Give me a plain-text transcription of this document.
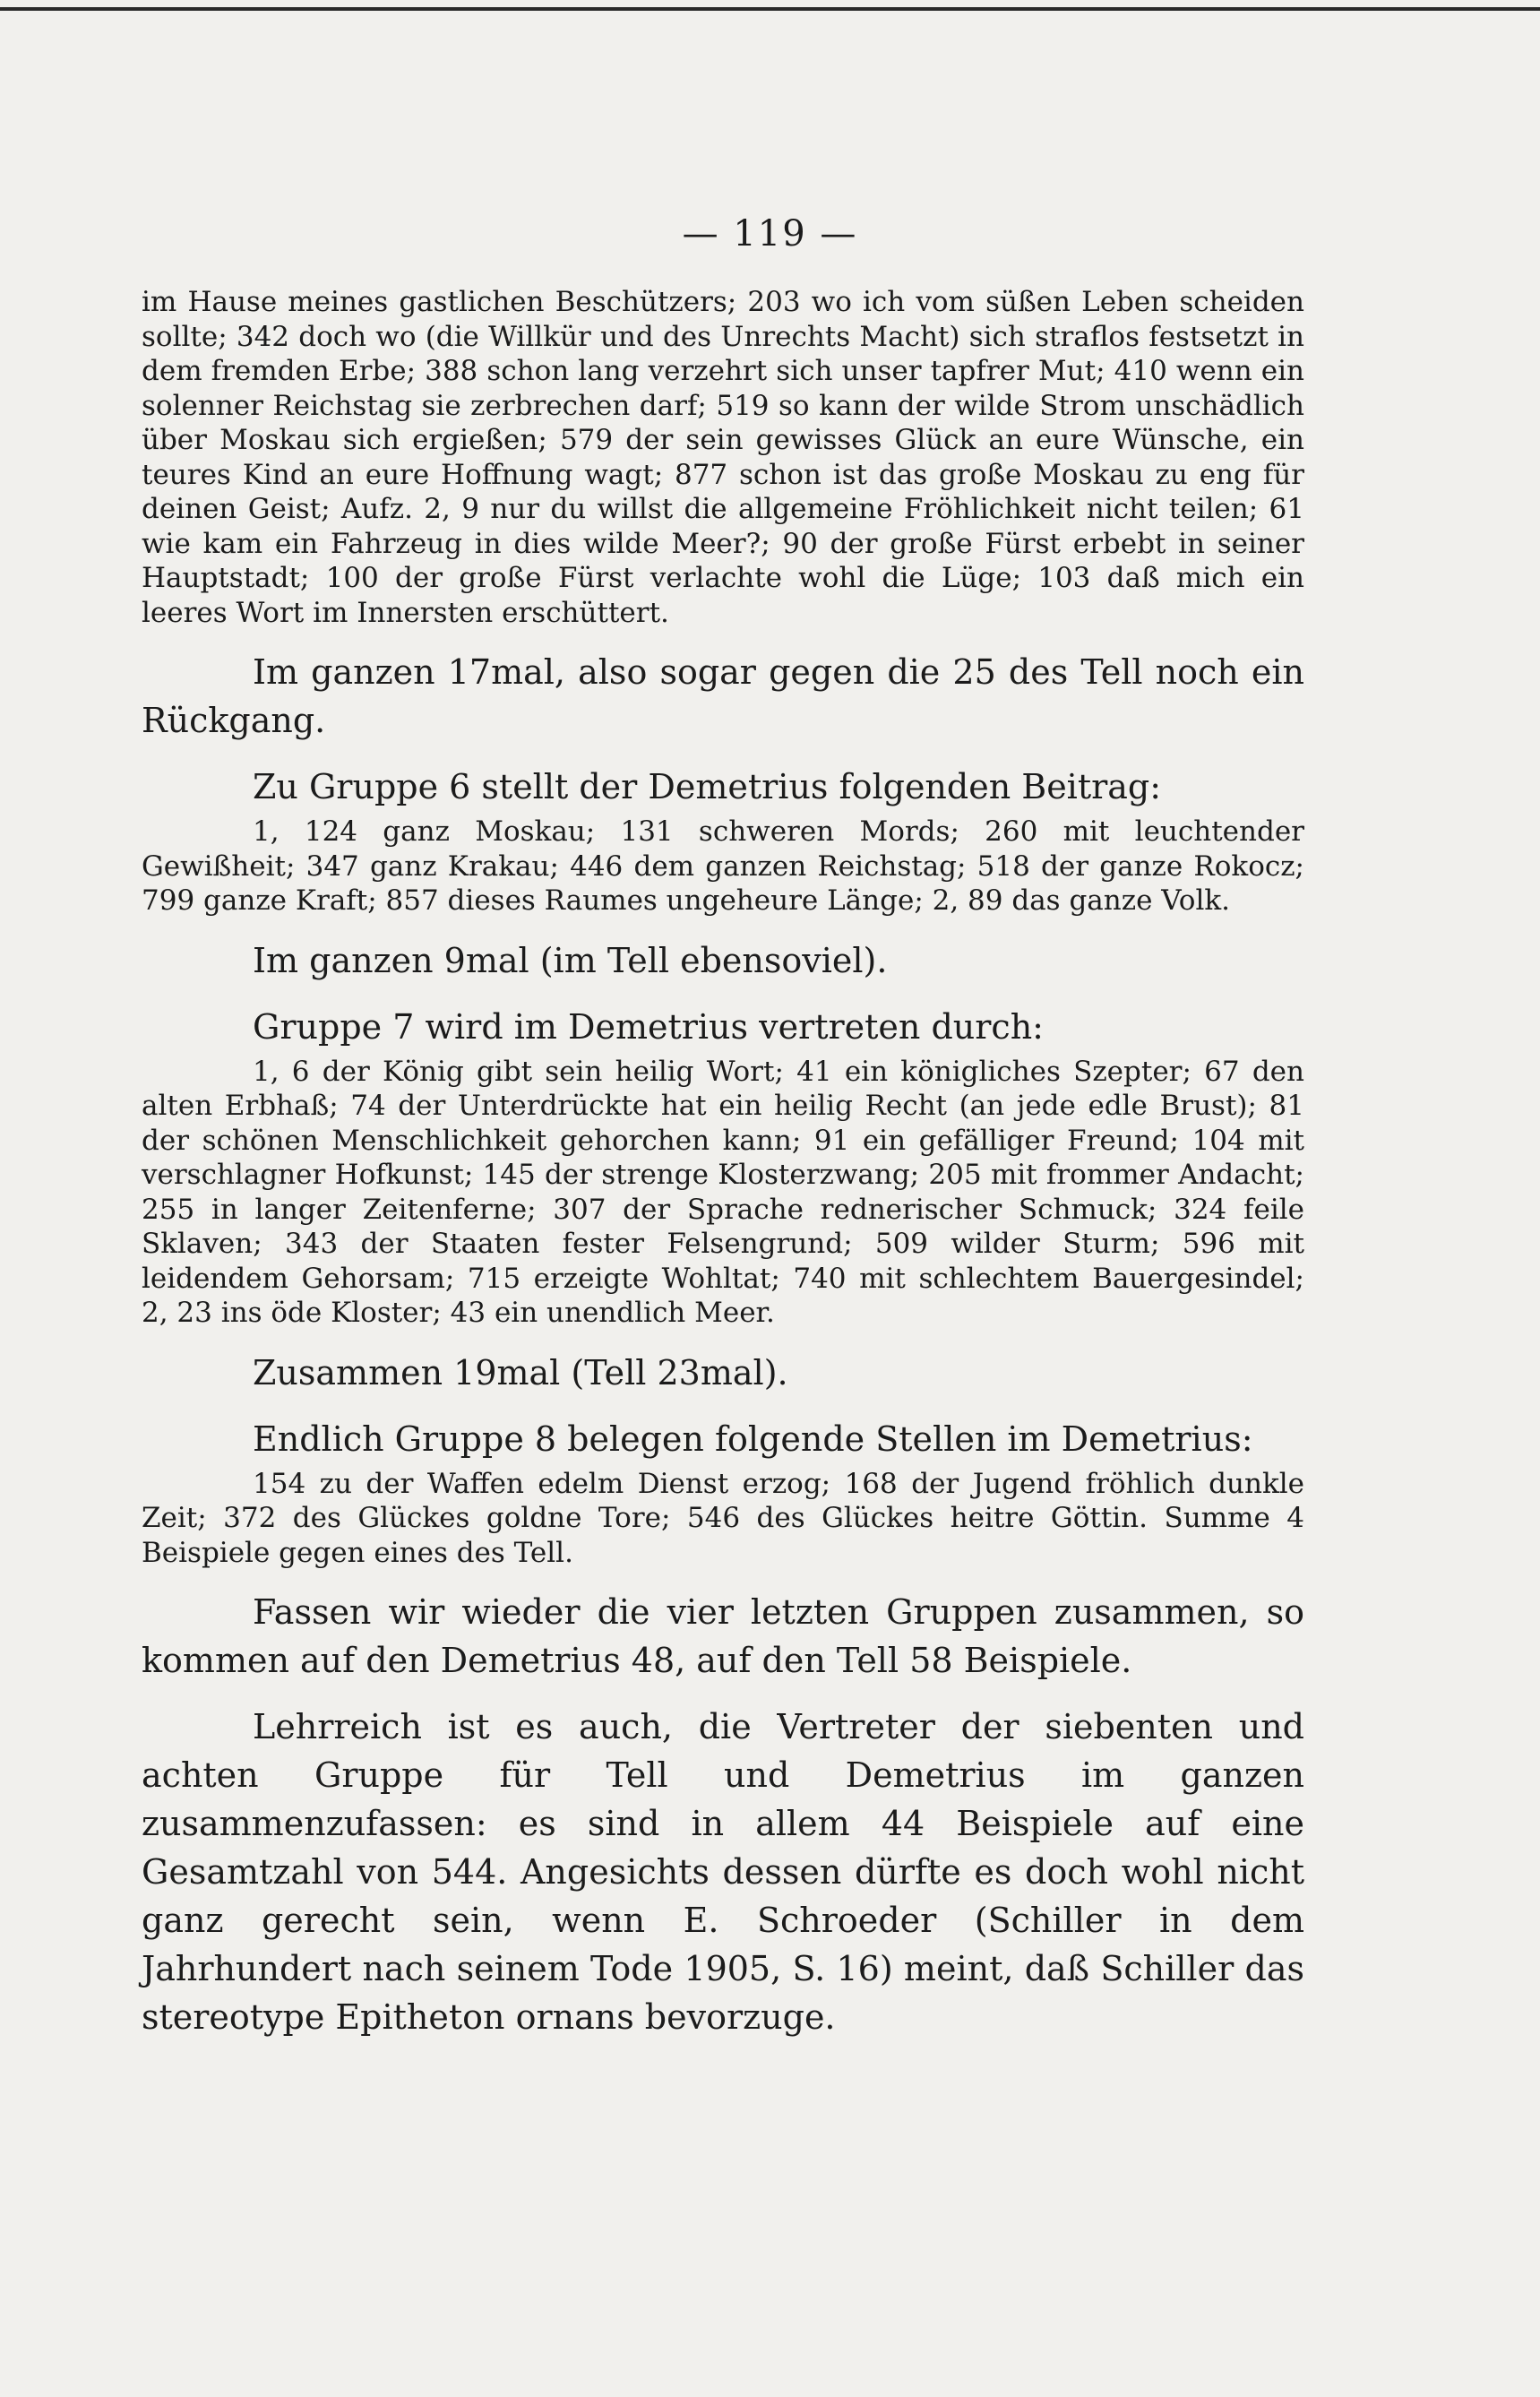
— 119 —

im Hause meines gastlichen Beschützers; 203 wo ich vom süßen Leben scheiden sollte; 342 doch wo (die Willkür und des Unrechts Macht) sich straflos festsetzt in dem fremden Erbe; 388 schon lang verzehrt sich unser tapfrer Mut; 410 wenn ein solenner Reichstag sie zerbrechen darf; 519 so kann der wilde Strom unschädlich über Moskau sich ergießen; 579 der sein gewisses Glück an eure Wünsche, ein teures Kind an eure Hoffnung wagt; 877 schon ist das große Moskau zu eng für deinen Geist; Aufz. 2, 9 nur du willst die allgemeine Fröhlichkeit nicht teilen; 61 wie kam ein Fahrzeug in dies wilde Meer?; 90 der große Fürst erbebt in seiner Hauptstadt; 100 der große Fürst verlachte wohl die Lüge; 103 daß mich ein leeres Wort im Innersten erschüttert.

Im ganzen 17mal, also sogar gegen die 25 des Tell noch ein Rückgang.

Zu Gruppe 6 stellt der Demetrius folgenden Beitrag:

1, 124 ganz Moskau; 131 schweren Mords; 260 mit leuchtender Gewißheit; 347 ganz Krakau; 446 dem ganzen Reichstag; 518 der ganze Rokocz; 799 ganze Kraft; 857 dieses Raumes ungeheure Länge; 2, 89 das ganze Volk.

Im ganzen 9mal (im Tell ebensoviel).

Gruppe 7 wird im Demetrius vertreten durch:

1, 6 der König gibt sein heilig Wort; 41 ein königliches Szepter; 67 den alten Erbhaß; 74 der Unterdrückte hat ein heilig Recht (an jede edle Brust); 81 der schönen Menschlichkeit gehorchen kann; 91 ein gefälliger Freund; 104 mit verschlagner Hofkunst; 145 der strenge Klosterzwang; 205 mit frommer Andacht; 255 in langer Zeitenferne; 307 der Sprache rednerischer Schmuck; 324 feile Sklaven; 343 der Staaten fester Felsengrund; 509 wilder Sturm; 596 mit leidendem Gehorsam; 715 erzeigte Wohltat; 740 mit schlechtem Bauergesindel; 2, 23 ins öde Kloster; 43 ein unendlich Meer.

Zusammen 19mal (Tell 23mal).

Endlich Gruppe 8 belegen folgende Stellen im Demetrius:

154 zu der Waffen edelm Dienst erzog; 168 der Jugend fröhlich dunkle Zeit; 372 des Glückes goldne Tore; 546 des Glückes heitre Göttin. Summe 4 Beispiele gegen eines des Tell.

Fassen wir wieder die vier letzten Gruppen zusammen, so kommen auf den Demetrius 48, auf den Tell 58 Beispiele.

Lehrreich ist es auch, die Vertreter der siebenten und achten Gruppe für Tell und Demetrius im ganzen zusammenzufassen: es sind in allem 44 Beispiele auf eine Gesamtzahl von 544. Angesichts dessen dürfte es doch wohl nicht ganz gerecht sein, wenn E. Schroeder (Schiller in dem Jahrhundert nach seinem Tode 1905, S. 16) meint, daß Schiller das stereotype Epitheton ornans bevorzuge.
